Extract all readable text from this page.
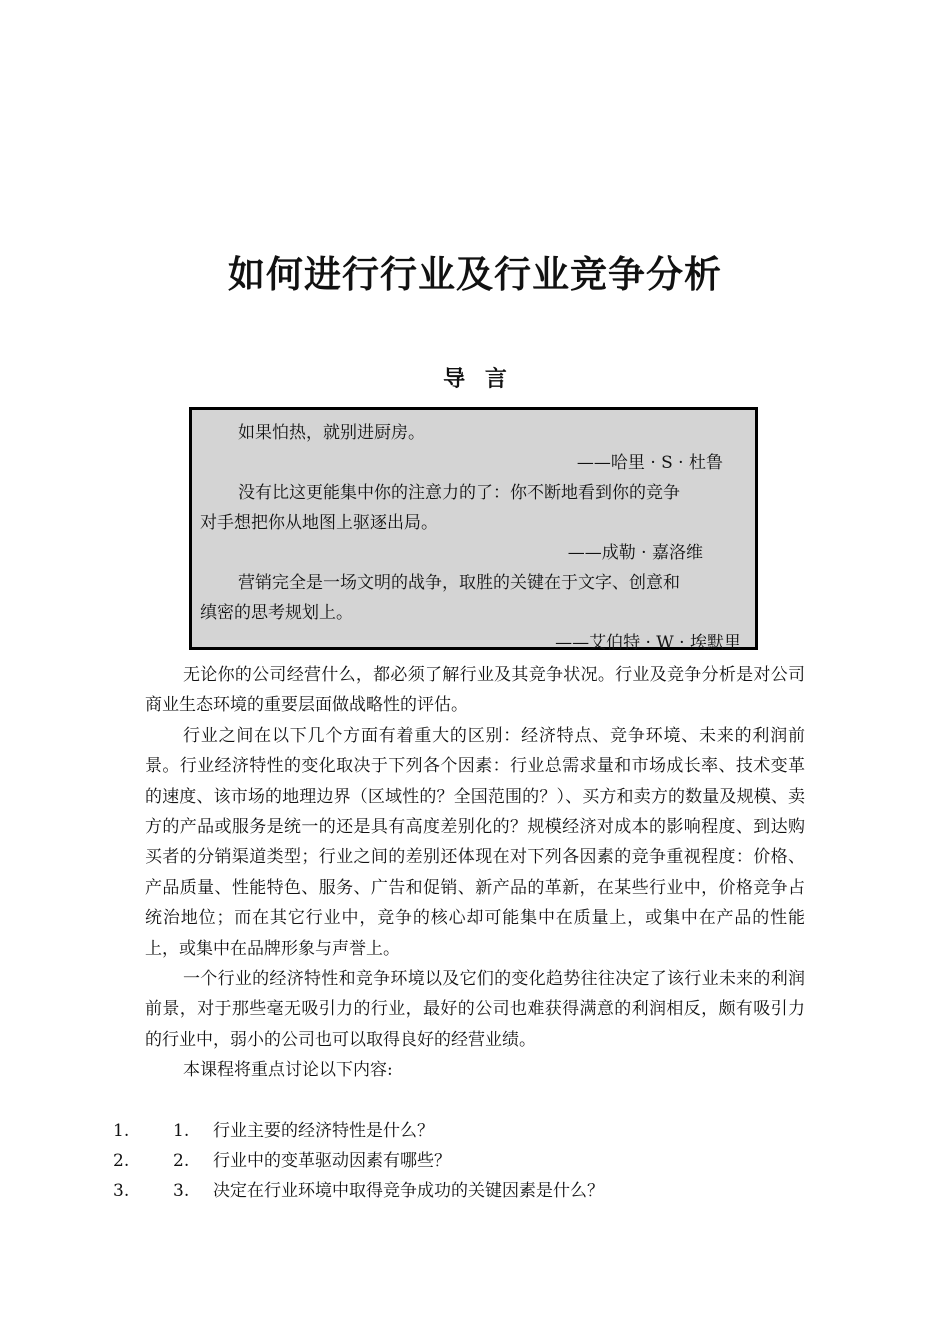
如何进行行业及行业竞争分析
导 言
如果怕热，就别进厨房。
——哈里 · S · 杜鲁
没有比这更能集中你的注意力的了：你不断地看到你的竞争
对手想把你从地图上驱逐出局。
——成勒 · 嘉洛维
营销完全是一场文明的战争，取胜的关键在于文字、创意和
缜密的思考规划上。
——艾伯特 · W · 埃默里

无论你的公司经营什么，都必须了解行业及其竞争状况。行业及竞争分析是对公司商业生态环境的重要层面做战略性的评估。

行业之间在以下几个方面有着重大的区别：经济特点、竞争环境、未来的利润前景。行业经济特性的变化取决于下列各个因素：行业总需求量和市场成长率、技术变革的速度、该市场的地理边界（区域性的？全国范围的？）、买方和卖方的数量及规模、卖方的产品或服务是统一的还是具有高度差别化的？规模经济对成本的影响程度、到达购买者的分销渠道类型；行业之间的差别还体现在对下列各因素的竞争重视程度：价格、产品质量、性能特色、服务、广告和促销、新产品的革新，在某些行业中，价格竞争占统治地位；而在其它行业中，竞争的核心却可能集中在质量上，或集中在产品的性能上，或集中在品牌形象与声誉上。

一个行业的经济特性和竞争环境以及它们的变化趋势往往决定了该行业未来的利润前景，对于那些毫无吸引力的行业，最好的公司也难获得满意的利润相反，颇有吸引力的行业中，弱小的公司也可以取得良好的经营业绩。

本课程将重点讨论以下内容:

1.	1. 行业主要的经济特性是什么？
2.	2. 行业中的变革驱动因素有哪些？
3.	3. 决定在行业环境中取得竞争成功的关键因素是什么？
